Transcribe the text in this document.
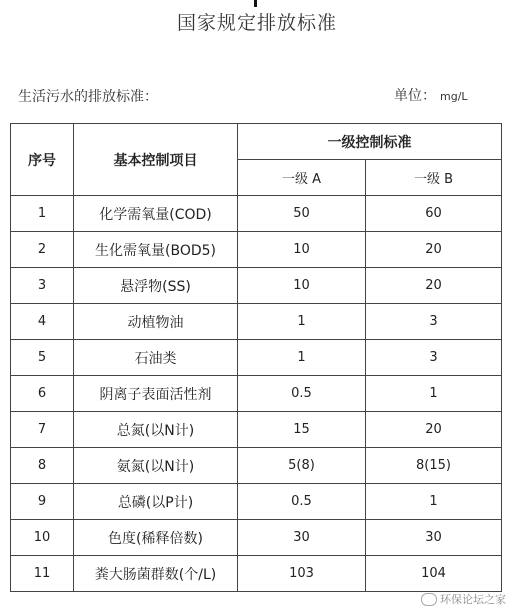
国家规定排放标准
生活污水的排放标准：	单位： mg/L
序号	基本控制项目	一级控制标准	
		一级 A	一级 B
1	化学需氧量(COD)	50	60
2	生化需氧量(BOD5)	10	20
3	悬浮物(SS)	10	20
4	动植物油	1	3
5	石油类	1	3
6	阴离子表面活性剂	0.5	1
7	总氮(以N计)	15	20
8	氨氮(以N计)	5(8)	8(15)
9	总磷(以P计)	0.5	1
10	色度(稀释倍数)	30	30
11	粪大肠菌群数(个/L)	103	104
环保论坛之家
